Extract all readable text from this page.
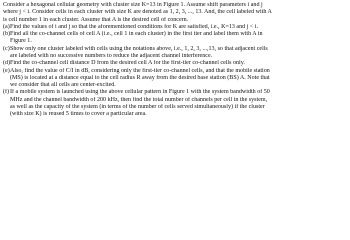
Consider a hexagonal cellular geometry with cluster size K=13 in Figure 1. Assume shift parameters i and j
where j < i. Consider cells in each cluster with size K are denoted as 1, 2, 3, ..., 13. And, the cell labeled with A
is cell number 1 in each cluster. Assume that A is the desired cell of concern.
(a) Find the values of i and j so that the aforementioned conditions for K are satisfied, i.e., K=13 and j < i.
(b) Find all the co-channel cells of cell A (i.e., cell 1 in each cluster) in the first tier and label them with A in
Figure 1.
(c) Show only one cluster labeled with cells using the notations above, i.e., 1, 2, 3, ...,13, so that adjacent cells
are labeled with no successive numbers to reduce the adjacent channel interference.
(d) Find the co-channel cell distance D from the desired cell A for the first-tier co-channel cells only.
(e) Also, find the value of C/I in dB, considering only the first-tier co-channel cells, and that the mobile station
(MS) is located at a distance equal to the cell radius R away from the desired base station (BS) A. Note that
we consider that all cells are center-excited.
(f) If a mobile system is launched using the above cellular pattern in Figure 1 with the system bandwidth of 50
MHz and the channel bandwidth of 200 kHz, then find the total number of channels per cell in the system,
as well as the capacity of the system (in terms of the number of cells served simultaneously) if the cluster
(with size K) is reused 5 times to cover a particular area.
